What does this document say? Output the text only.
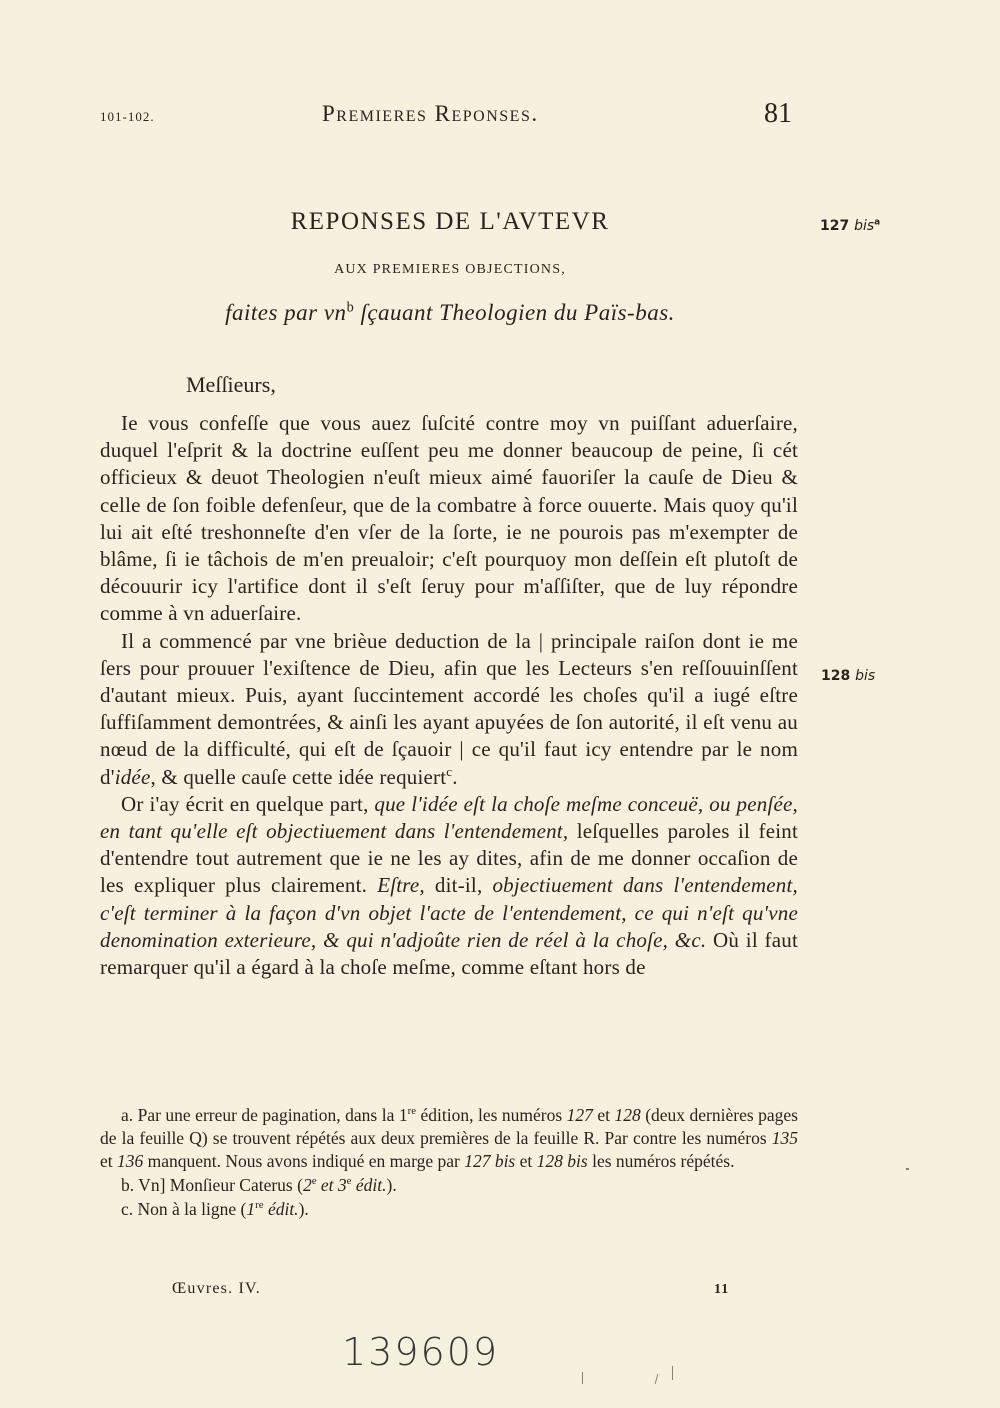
101-102.	Premieres Reponses.	81
REPONSES DE L'AVTEVR
AUX PREMIERES OBJECTIONS,
faites par $vn^b$ ſçauant Theologien du Païs-bas.
127 bis$^a$
128 bis
Meſſieurs,

Ie vous confeſſe que vous auez ſuſcité contre moy vn puiſſant aduerſaire, duquel l'eſprit & la doctrine euſſent peu me donner beaucoup de peine, ſi cét officieux & deuot Theologien n'euſt mieux aimé fauoriſer la cauſe de Dieu & celle de ſon foible defenſeur, que de la combatre à force ouuerte. Mais quoy qu'il lui ait eſté treshonneſte d'en vſer de la ſorte, ie ne pourois pas m'exempter de blâme, ſi ie tâchois de m'en preualoir; c'eſt pourquoy mon deſſein eſt plutoſt de découurir icy l'artifice dont il s'eſt ſeruy pour m'aſſiſter, que de luy répondre comme à vn aduerſaire.

Il a commencé par vne brièue deduction de la | principale raiſon dont ie me ſers pour prouuer l'exiſtence de Dieu, afin que les Lecteurs s'en reſſouuinſſent d'autant mieux. Puis, ayant ſuccintement accordé les choſes qu'il a iugé eſtre ſuffiſamment demontrées, & ainſi les ayant apuyées de ſon autorité, il eſt venu au nœud de la difficulté, qui eſt de ſçauoir | ce qu'il faut icy entendre par le nom d'idée, & quelle cauſe cette idée requiert$^c$.

Or i'ay écrit en quelque part, que l'idée eſt la choſe meſme conceuë, ou penſée, en tant qu'elle eſt objectiuement dans l'entendement, leſquelles paroles il feint d'entendre tout autrement que ie ne les ay dites, afin de me donner occaſion de les expliquer plus clairement. Eſtre, dit-il, objectiuement dans l'entendement, c'eſt terminer à la façon d'vn objet l'acte de l'entendement, ce qui n'eſt qu'vne denomination exterieure, & qui n'adjoûte rien de réel à la choſe, &c. Où il faut remarquer qu'il a égard à la choſe meſme, comme eſtant hors de

a. Par une erreur de pagination, dans la 1re édition, les numéros 127 et 128 (deux dernières pages de la feuille Q) se trouvent répétés aux deux premières de la feuille R. Par contre les numéros 135 et 136 manquent. Nous avons indiqué en marge par 127 bis et 128 bis les numéros répétés.

b. Vn] Monſieur Caterus (2e et 3e édit.).

c. Non à la ligne (1re édit.).

Œuvres. IV.	11
139609
